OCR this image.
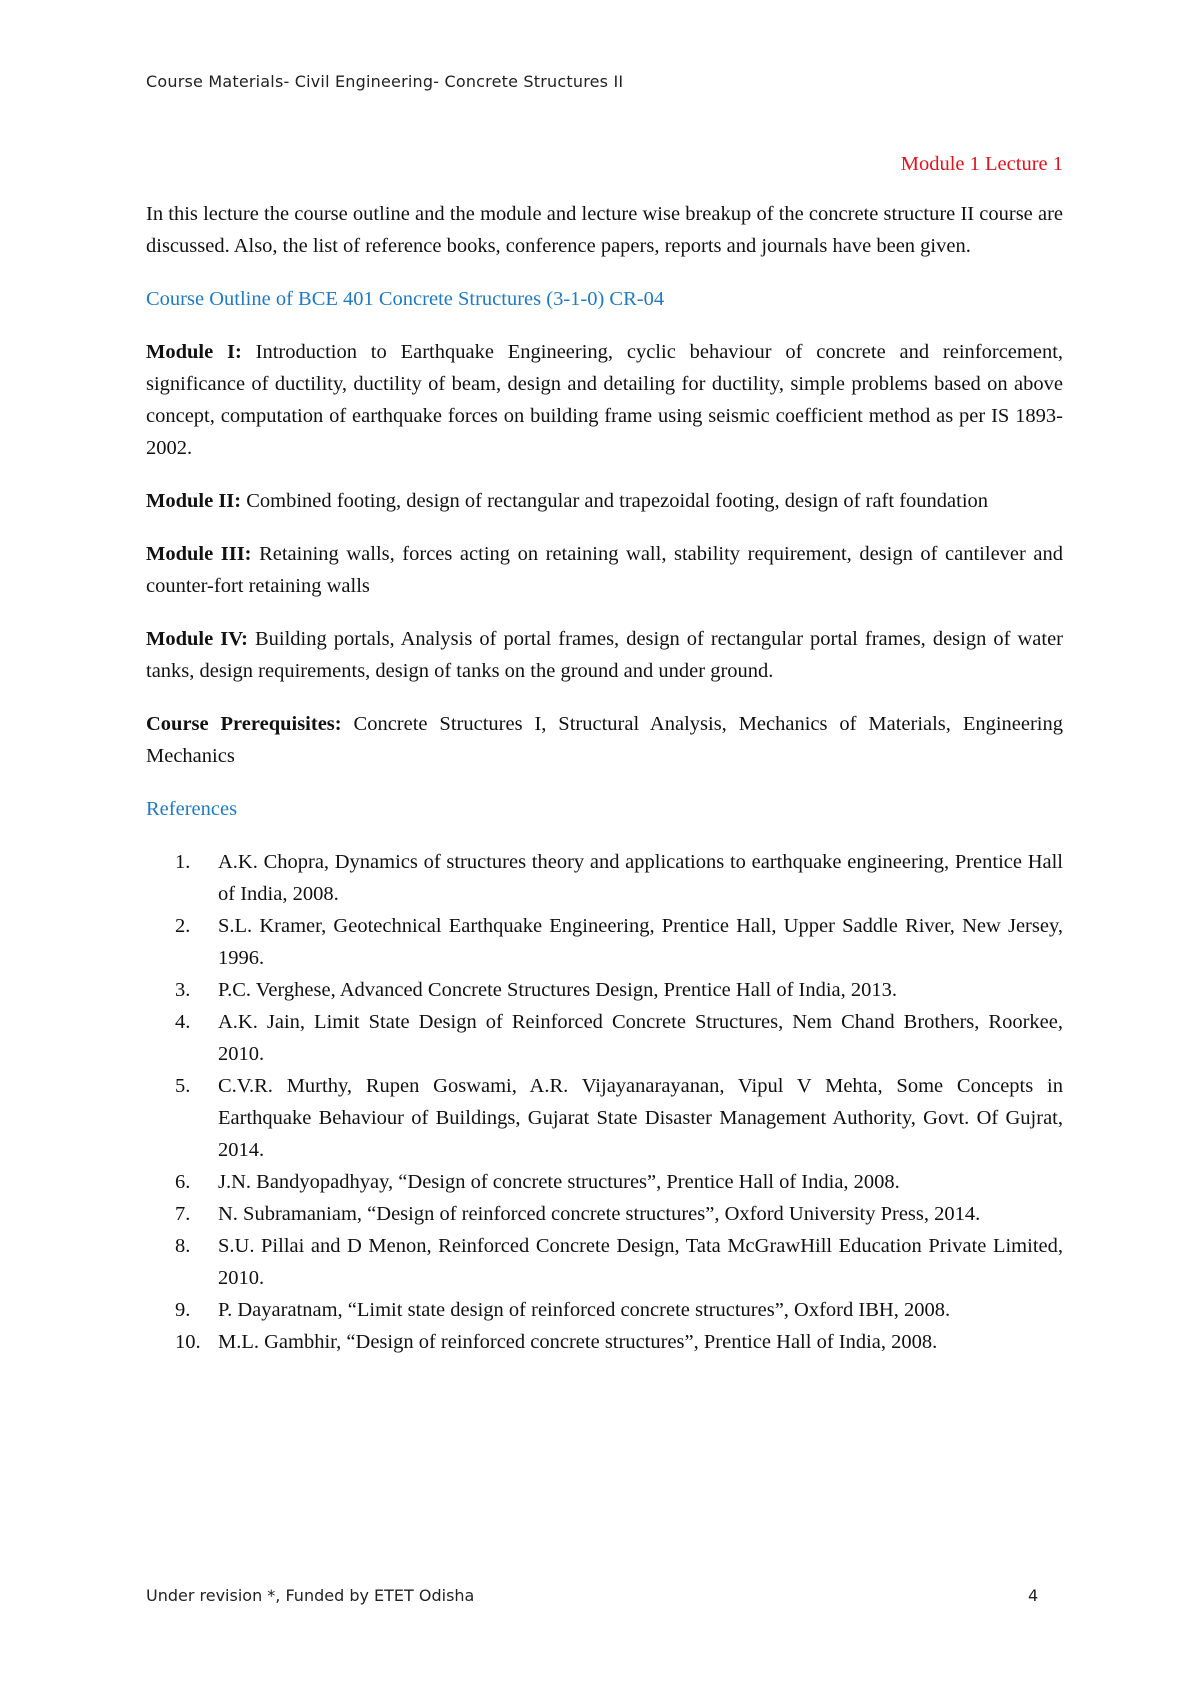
Course Materials- Civil Engineering- Concrete Structures II
Module 1 Lecture 1

In this lecture the course outline and the module and lecture wise breakup of the concrete structure II course are discussed. Also, the list of reference books, conference papers, reports and journals have been given.

Course Outline of BCE 401 Concrete Structures (3-1-0) CR-04

Module I: Introduction to Earthquake Engineering, cyclic behaviour of concrete and reinforcement, significance of ductility, ductility of beam, design and detailing for ductility, simple problems based on above concept, computation of earthquake forces on building frame using seismic coefficient method as per IS 1893-2002.

Module II: Combined footing, design of rectangular and trapezoidal footing, design of raft foundation

Module III: Retaining walls, forces acting on retaining wall, stability requirement, design of cantilever and counter-fort retaining walls

Module IV: Building portals, Analysis of portal frames, design of rectangular portal frames, design of water tanks, design requirements, design of tanks on the ground and under ground.

Course Prerequisites: Concrete Structures I, Structural Analysis, Mechanics of Materials, Engineering Mechanics

References
1. A.K. Chopra, Dynamics of structures theory and applications to earthquake engineering, Prentice Hall of India, 2008.
2. S.L. Kramer, Geotechnical Earthquake Engineering, Prentice Hall, Upper Saddle River, New Jersey, 1996.
3. P.C. Verghese, Advanced Concrete Structures Design, Prentice Hall of India, 2013.
4. A.K. Jain, Limit State Design of Reinforced Concrete Structures, Nem Chand Brothers, Roorkee, 2010.
5. C.V.R. Murthy, Rupen Goswami, A.R. Vijayanarayanan, Vipul V Mehta, Some Concepts in Earthquake Behaviour of Buildings, Gujarat State Disaster Management Authority, Govt. Of Gujrat, 2014.
6. J.N. Bandyopadhyay, “Design of concrete structures”, Prentice Hall of India, 2008.
7. N. Subramaniam, “Design of reinforced concrete structures”, Oxford University Press, 2014.
8. S.U. Pillai and D Menon, Reinforced Concrete Design, Tata McGrawHill Education Private Limited, 2010.
9. P. Dayaratnam, “Limit state design of reinforced concrete structures”, Oxford IBH, 2008.
10. M.L. Gambhir, “Design of reinforced concrete structures”, Prentice Hall of India, 2008.
Under revision *, Funded by ETET Odisha	4
